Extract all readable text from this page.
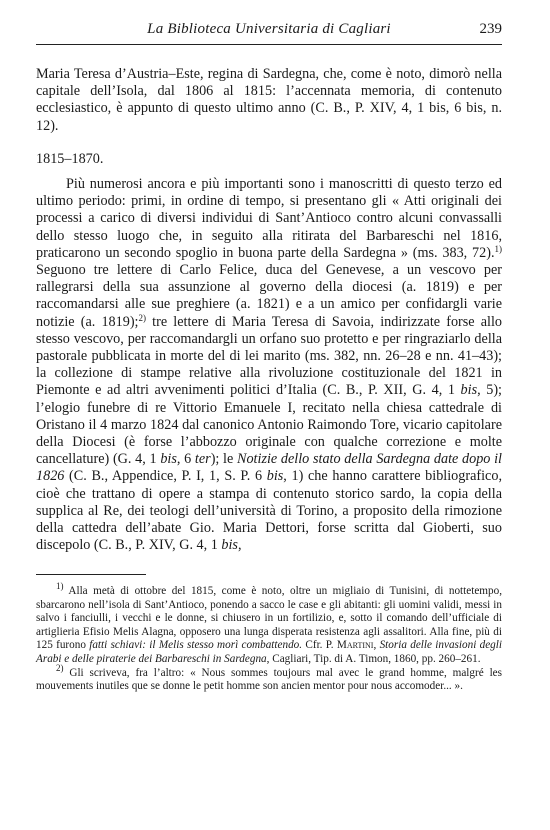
La Biblioteca Universitaria di Cagliari	239

Maria Teresa d’Austria–Este, regina di Sardegna, che, come è noto, dimorò nella capitale dell’Isola, dal 1806 al 1815: l’accennata memoria, di contenuto ecclesiastico, è appunto di questo ultimo anno (C. B., P. XIV, 4, 1 bis, 6 bis, n. 12).

1815–1870.

Più numerosi ancora e più importanti sono i manoscritti di questo terzo ed ultimo periodo: primi, in ordine di tempo, si presentano gli « Atti originali dei processi a carico di diversi individui di Sant’Antioco contro alcuni convassalli dello stesso luogo che, in seguito alla ritirata del Barbareschi nel 1816, praticarono un secondo spoglio in buona parte della Sardegna » (ms. 383, 72).$^{1)}$ Seguono tre lettere di Carlo Felice, duca del Genevese, a un vescovo per rallegrarsi della sua assunzione al governo della diocesi (a. 1819) e per raccomandarsi alle sue preghiere (a. 1821) e a un amico per confidargli varie notizie (a. 1819);$^{2)}$ tre lettere di Maria Teresa di Savoia, indirizzate forse allo stesso vescovo, per raccomandargli un orfano suo protetto e per ringraziarlo della pastorale pubblicata in morte del di lei marito (ms. 382, nn. 26–28 e nn. 41–43); la collezione di stampe relative alla rivoluzione costituzionale del 1821 in Piemonte e ad altri avvenimenti politici d’Italia (C. B., P. XII, G. 4, 1 bis, 5); l’elogio funebre di re Vittorio Emanuele I, recitato nella chiesa cattedrale di Oristano il 4 marzo 1824 dal canonico Antonio Raimondo Tore, vicario capitolare della Diocesi (è forse l’abbozzo originale con qualche correzione e molte cancellature) (G. 4, 1 bis, 6 ter); le Notizie dello stato della Sardegna date dopo il 1826 (C. B., Appendice, P. I, 1, S. P. 6 bis, 1) che hanno carattere bibliografico, cioè che trattano di opere a stampa di contenuto storico sardo, la copia della supplica al Re, dei teologi dell’università di Torino, a proposito della rimozione della cattedra dell’abate Gio. Maria Dettori, forse scritta dal Gioberti, suo discepolo (C. B., P. XIV, G. 4, 1 bis,

$^{1)}$ Alla metà di ottobre del 1815, come è noto, oltre un migliaio di Tunisini, di nottetempo, sbarcarono nell’isola di Sant’Antioco, ponendo a sacco le case e gli abitanti: gli uomini validi, messi in salvo i fanciulli, i vecchi e le donne, si chiusero in un fortilizio, e, sotto il comando dell’ufficiale di artiglieria Efisio Melis Alagna, opposero una lunga disperata resistenza agli assalitori. Alla fine, più di 125 furono fatti schiavi: il Melis stesso morì combattendo. Cfr. P. Martini, Storia delle invasioni degli Arabi e delle piraterie dei Barbareschi in Sardegna, Cagliari, Tip. di A. Timon, 1860, pp. 260–261.

$^{2)}$ Gli scriveva, fra l’altro: « Nous sommes toujours mal avec le grand homme, malgré les mouvements inutiles que se donne le petit homme son ancien mentor pour nous accomoder... ».
